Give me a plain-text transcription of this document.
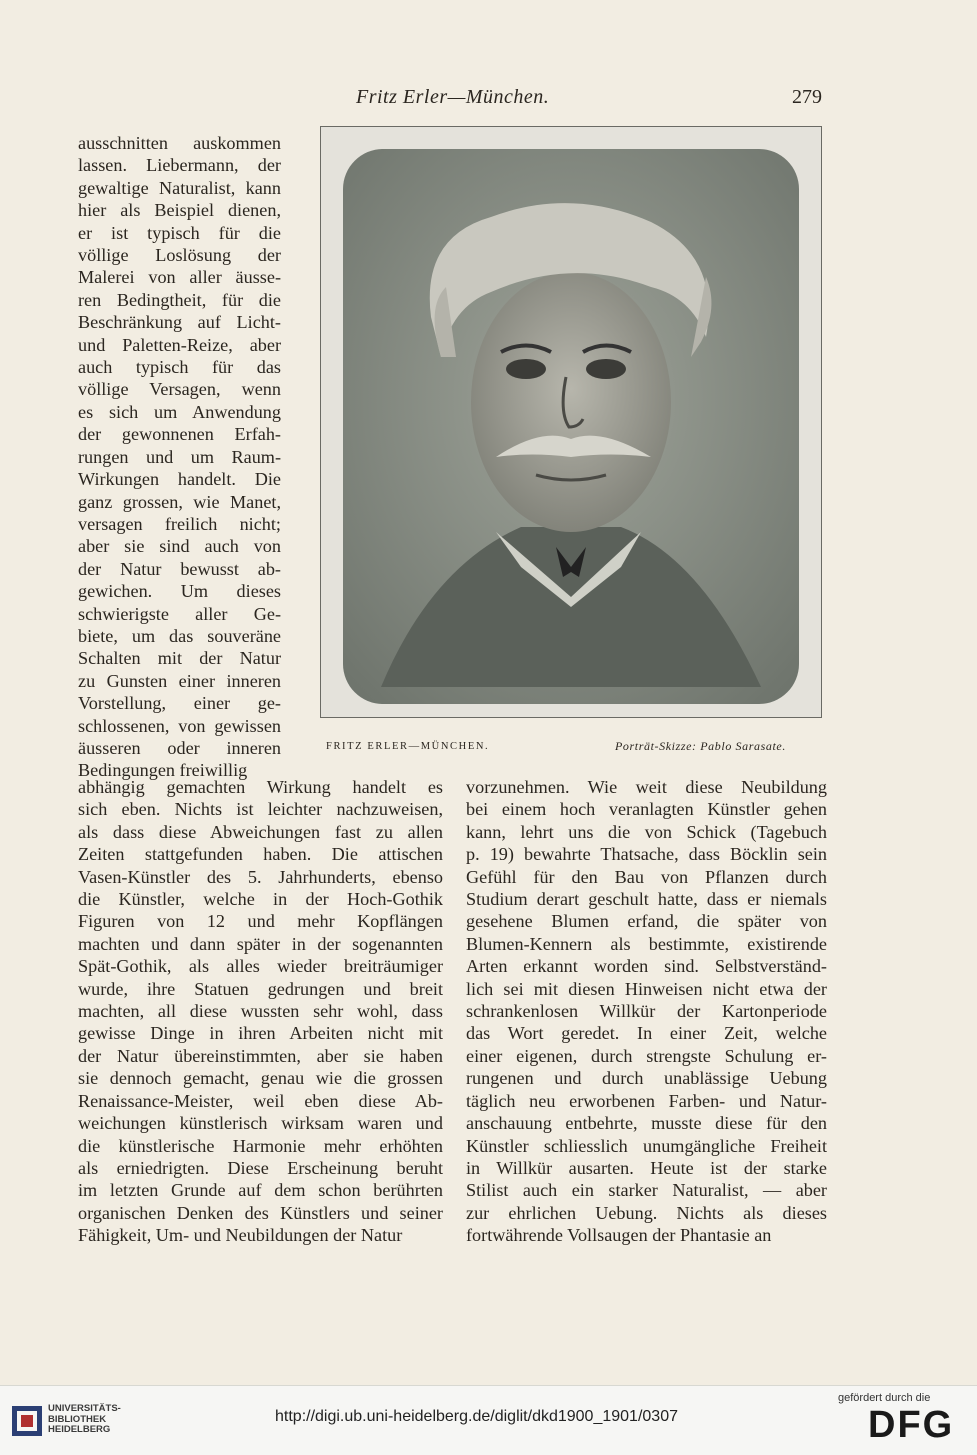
Fritz Erler—München.	279
ausschnitten auskommen
lassen. Liebermann, der
gewaltige Naturalist, kann
hier als Beispiel dienen,
er ist typisch für die
völlige Loslösung der
Malerei von aller äusse-
ren Bedingtheit, für die
Beschränkung auf Licht-
und Paletten-Reize, aber
auch typisch für das
völlige Versagen, wenn
es sich um Anwendung
der gewonnenen Erfah-
rungen und um Raum-
Wirkungen handelt. Die
ganz grossen, wie Manet,
versagen freilich nicht;
aber sie sind auch von
der Natur bewusst ab-
gewichen. Um dieses
schwierigste aller Ge-
biete, um das souveräne
Schalten mit der Natur
zu Gunsten einer inneren
Vorstellung, einer ge-
schlossenen, von gewissen
äusseren oder inneren
Bedingungen freiwillig
FRITZ ERLER—MÜNCHEN.	Porträt-Skizze: Pablo Sarasate.
abhängig gemachten Wirkung handelt es
sich eben. Nichts ist leichter nachzuweisen,
als dass diese Abweichungen fast zu allen
Zeiten stattgefunden haben. Die attischen
Vasen-Künstler des 5. Jahrhunderts, ebenso
die Künstler, welche in der Hoch-Gothik
Figuren von 12 und mehr Kopflängen
machten und dann später in der sogenannten
Spät-Gothik, als alles wieder breiträumiger
wurde, ihre Statuen gedrungen und breit
machten, all diese wussten sehr wohl, dass
gewisse Dinge in ihren Arbeiten nicht mit
der Natur übereinstimmten, aber sie haben
sie dennoch gemacht, genau wie die grossen
Renaissance-Meister, weil eben diese Ab-
weichungen künstlerisch wirksam waren und
die künstlerische Harmonie mehr erhöhten
als erniedrigten. Diese Erscheinung beruht
im letzten Grunde auf dem schon berührten
organischen Denken des Künstlers und seiner
Fähigkeit, Um- und Neubildungen der Natur
vorzunehmen. Wie weit diese Neubildung
bei einem hoch veranlagten Künstler gehen
kann, lehrt uns die von Schick (Tagebuch
p. 19) bewahrte Thatsache, dass Böcklin sein
Gefühl für den Bau von Pflanzen durch
Studium derart geschult hatte, dass er niemals
gesehene Blumen erfand, die später von
Blumen-Kennern als bestimmte, existirende
Arten erkannt worden sind. Selbstverständ-
lich sei mit diesen Hinweisen nicht etwa der
schrankenlosen Willkür der Kartonperiode
das Wort geredet. In einer Zeit, welche
einer eigenen, durch strengste Schulung er-
rungenen und durch unablässige Uebung
täglich neu erworbenen Farben- und Natur-
anschauung entbehrte, musste diese für den
Künstler schliesslich unumgängliche Freiheit
in Willkür ausarten. Heute ist der starke
Stilist auch ein starker Naturalist, — aber
zur ehrlichen Uebung. Nichts als dieses
fortwährende Vollsaugen der Phantasie an
UNIVERSITÄTS-
BIBLIOTHEK
HEIDELBERG
http://digi.ub.uni-heidelberg.de/diglit/dkd1900_1901/0307
gefördert durch die
DFG
